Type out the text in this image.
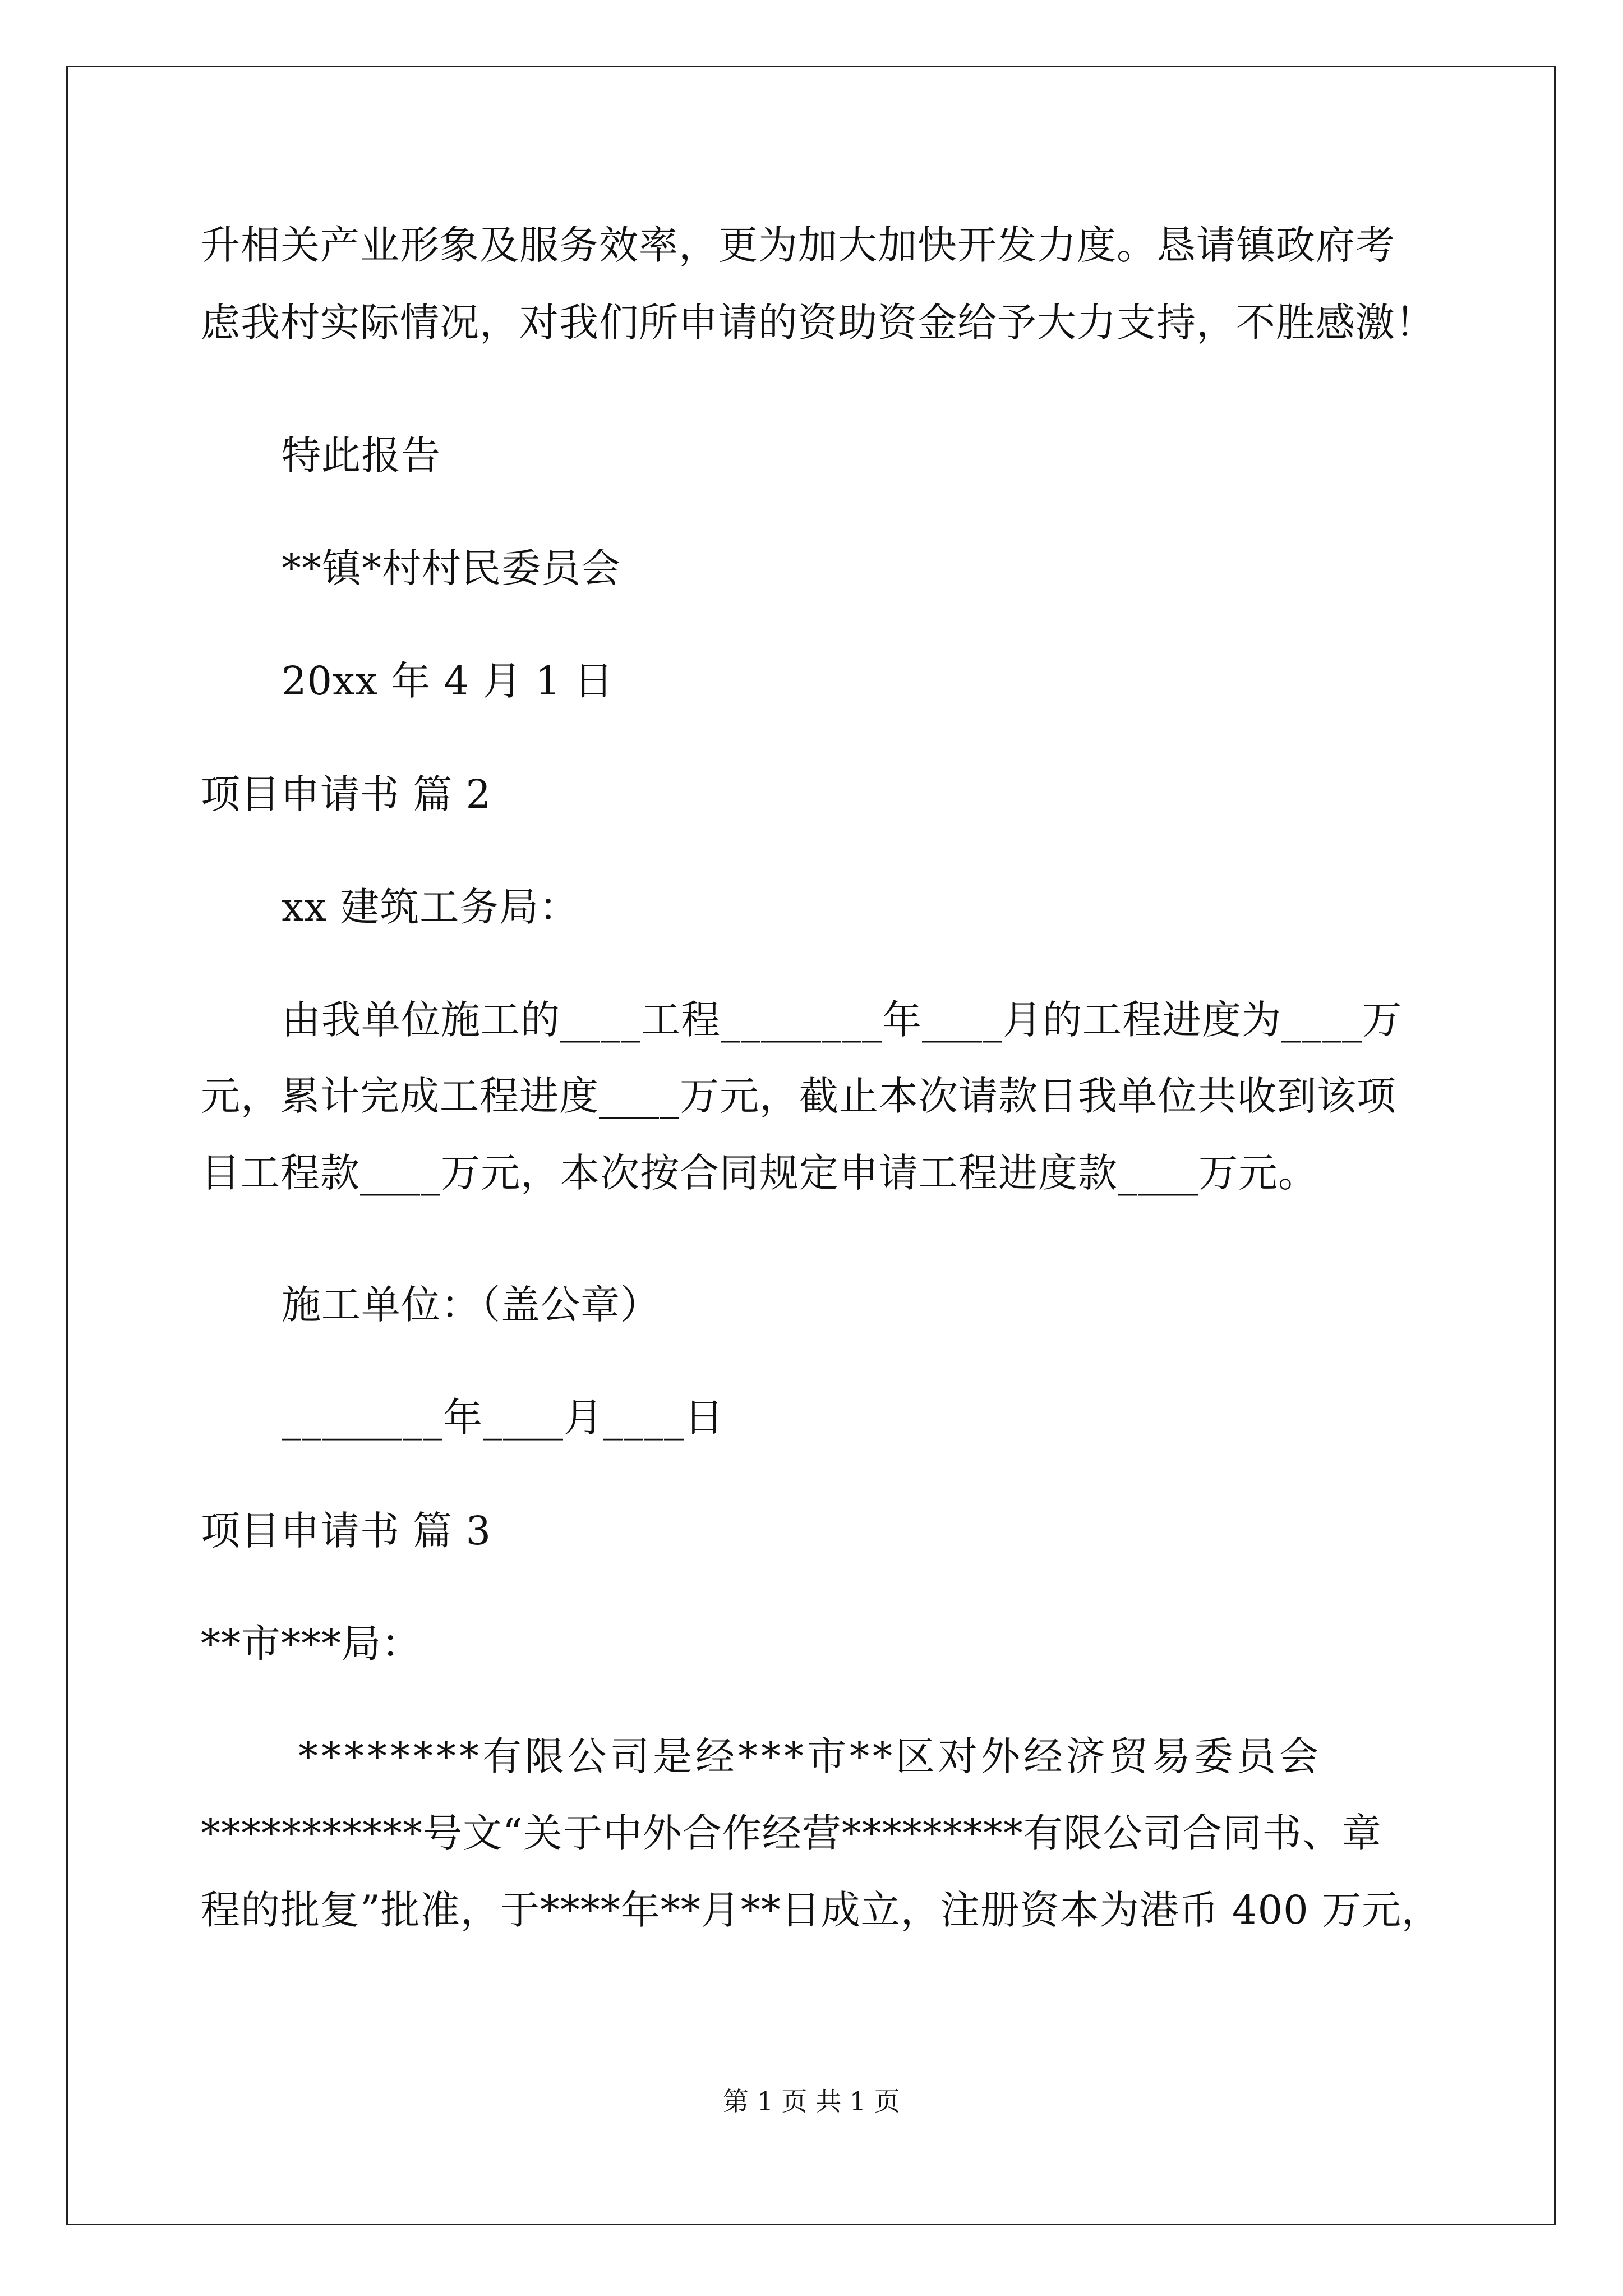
升相关产业形象及服务效率，更为加大加快开发力度。恳请镇政府考
虑我村实际情况，对我们所申请的资助资金给予大力支持，不胜感激！
特此报告
**镇*村村民委员会
20xx 年 4 月 1 日
项目申请书 篇 2
xx 建筑工务局：
由我单位施工的____工程________年____月的工程进度为____万
元，累计完成工程进度____万元，截止本次请款日我单位共收到该项
目工程款____万元，本次按合同规定申请工程进度款____万元。
施工单位：（盖公章）
________年____月____日
项目申请书 篇 3
**市***局：
********有限公司是经***市**区对外经济贸易委员会
***********号文“关于中外合作经营*********有限公司合同书、章
程的批复”批准，于****年**月**日成立，注册资本为港币 400 万元，
第 1 页 共 1 页
